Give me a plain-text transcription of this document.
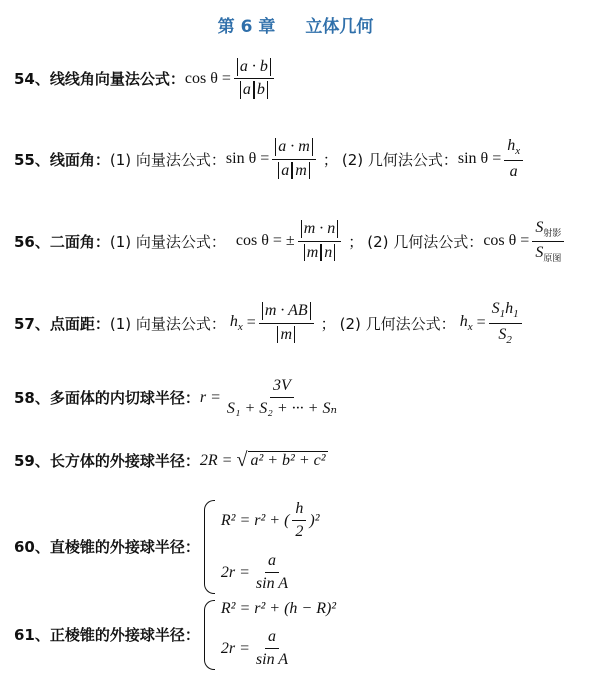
第 6 章 立体几何
54、线线角向量法公式： $\cos \theta = \frac{a \cdot b}{\text{a b}}$
55、线面角： (1) 向量法公式： $\sin \theta = \frac{a \cdot m}{\text{a m}}$ ； (2) 几何法公式： $\sin \theta = \frac{h_x}{a}$
56、二面角： (1) 向量法公式： cos θ = ± $\frac{m \cdot n}{\text{m n}}$ ； (2) 几何法公式： $\cos \theta = \frac{S_{射影}}{S_{原图}}$
57、点面距： (1) 向量法公式： $h_x = \frac{m \cdot AB}{m}$ ； (2) 几何法公式： $h_x = \frac{S_1h_1}{S_2}$
58、多面体的内切球半径： $r = \frac{3V}{\text{S₁ + S₂ + ··· + Sₙ}}$
59、长方体的外接球半径： 2R = √ a² + b² + c²
60、直棱锥的外接球半径：
R² = r² + ( $\frac{h}{2} )^2$
$2r = \frac{a}{\text{sin A}}$
61、正棱锥的外接球半径：
R² = r² + (h − R)²
$2r = \frac{a}{\text{sin A}}$
